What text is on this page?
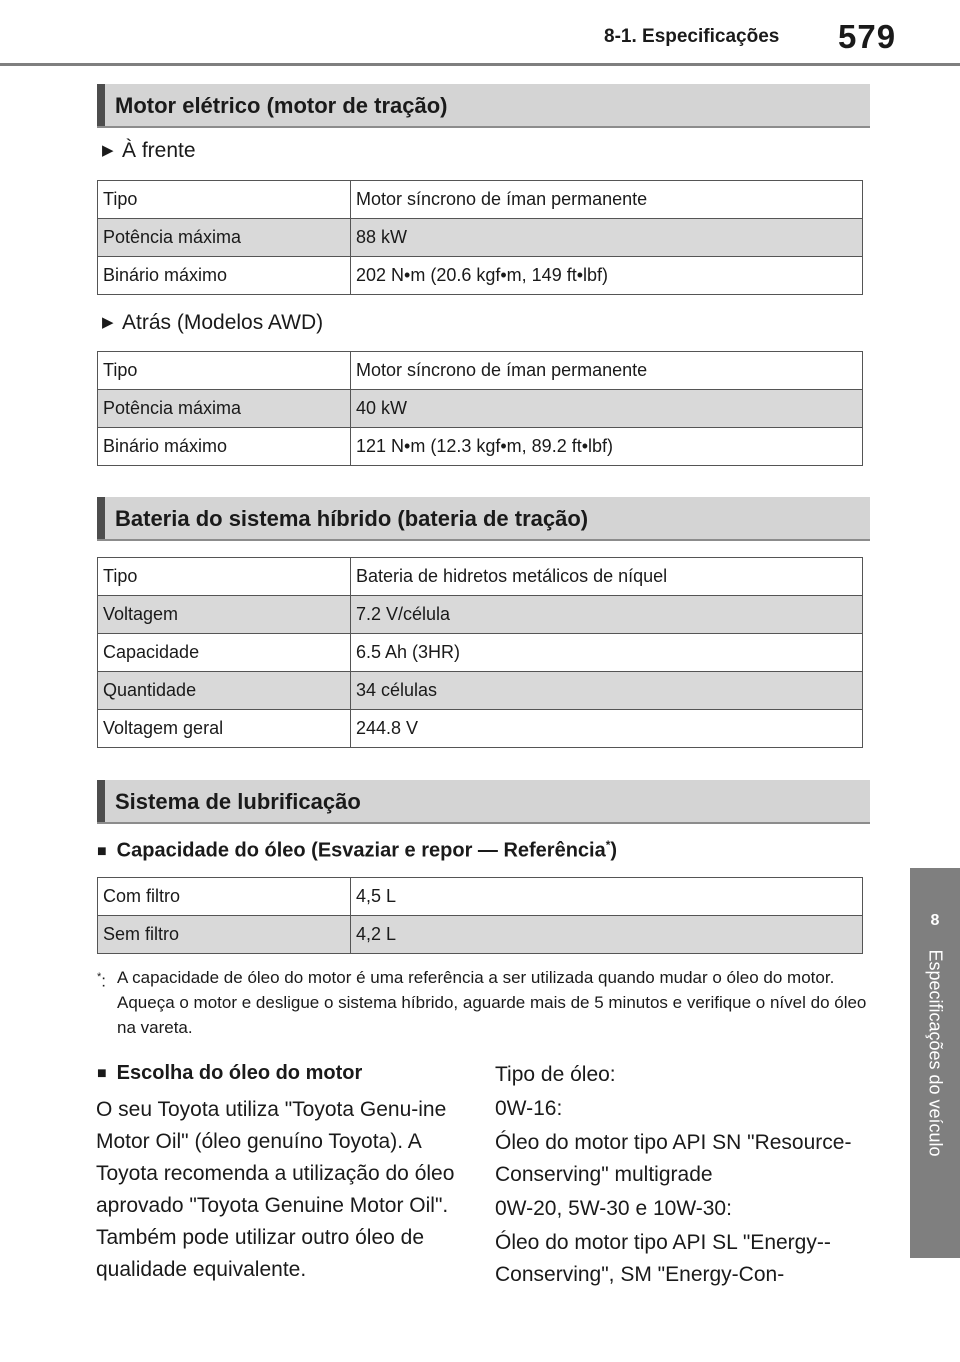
8-1. Especificações 579
8
Especificações do veículo
Motor elétrico (motor de tração)
▶ À frente
Tipo	Motor síncrono de íman permanente
Potência máxima	88 kW
Binário máximo	202 N•m (20.6 kgf•m, 149 ft•lbf)
▶ Atrás (Modelos AWD)
Tipo	Motor síncrono de íman permanente
Potência máxima	40 kW
Binário máximo	121 N•m (12.3 kgf•m, 89.2 ft•lbf)
Bateria do sistema híbrido (bateria de tração)
Tipo	Bateria de hidretos metálicos de níquel
Voltagem	7.2 V/célula
Capacidade	6.5 Ah (3HR)
Quantidade	34 células
Voltagem geral	244.8 V
Sistema de lubrificação
■ Capacidade do óleo (Esvaziar e repor — Referência*)
Com filtro	4,5 L
Sem filtro	4,2 L
*: A capacidade de óleo do motor é uma referência a ser utilizada quando mudar o óleo do motor. Aqueça o motor e desligue o sistema híbrido, aguarde mais de 5 minutos e verifique o nível do óleo na vareta.
■ Escolha do óleo do motor
O seu Toyota utiliza "Toyota Genu-ine Motor Oil" (óleo genuíno Toyota). A Toyota recomenda a utilização do óleo aprovado "Toyota Genuine Motor Oil". Também pode utilizar outro óleo de qualidade equivalente.

Tipo de óleo:

0W-16:

Óleo do motor tipo API SN "Resource-Conserving" multigrade

0W-20, 5W-30 e 10W-30:

Óleo do motor tipo API SL "Energy--Conserving", SM "Energy-Con-
